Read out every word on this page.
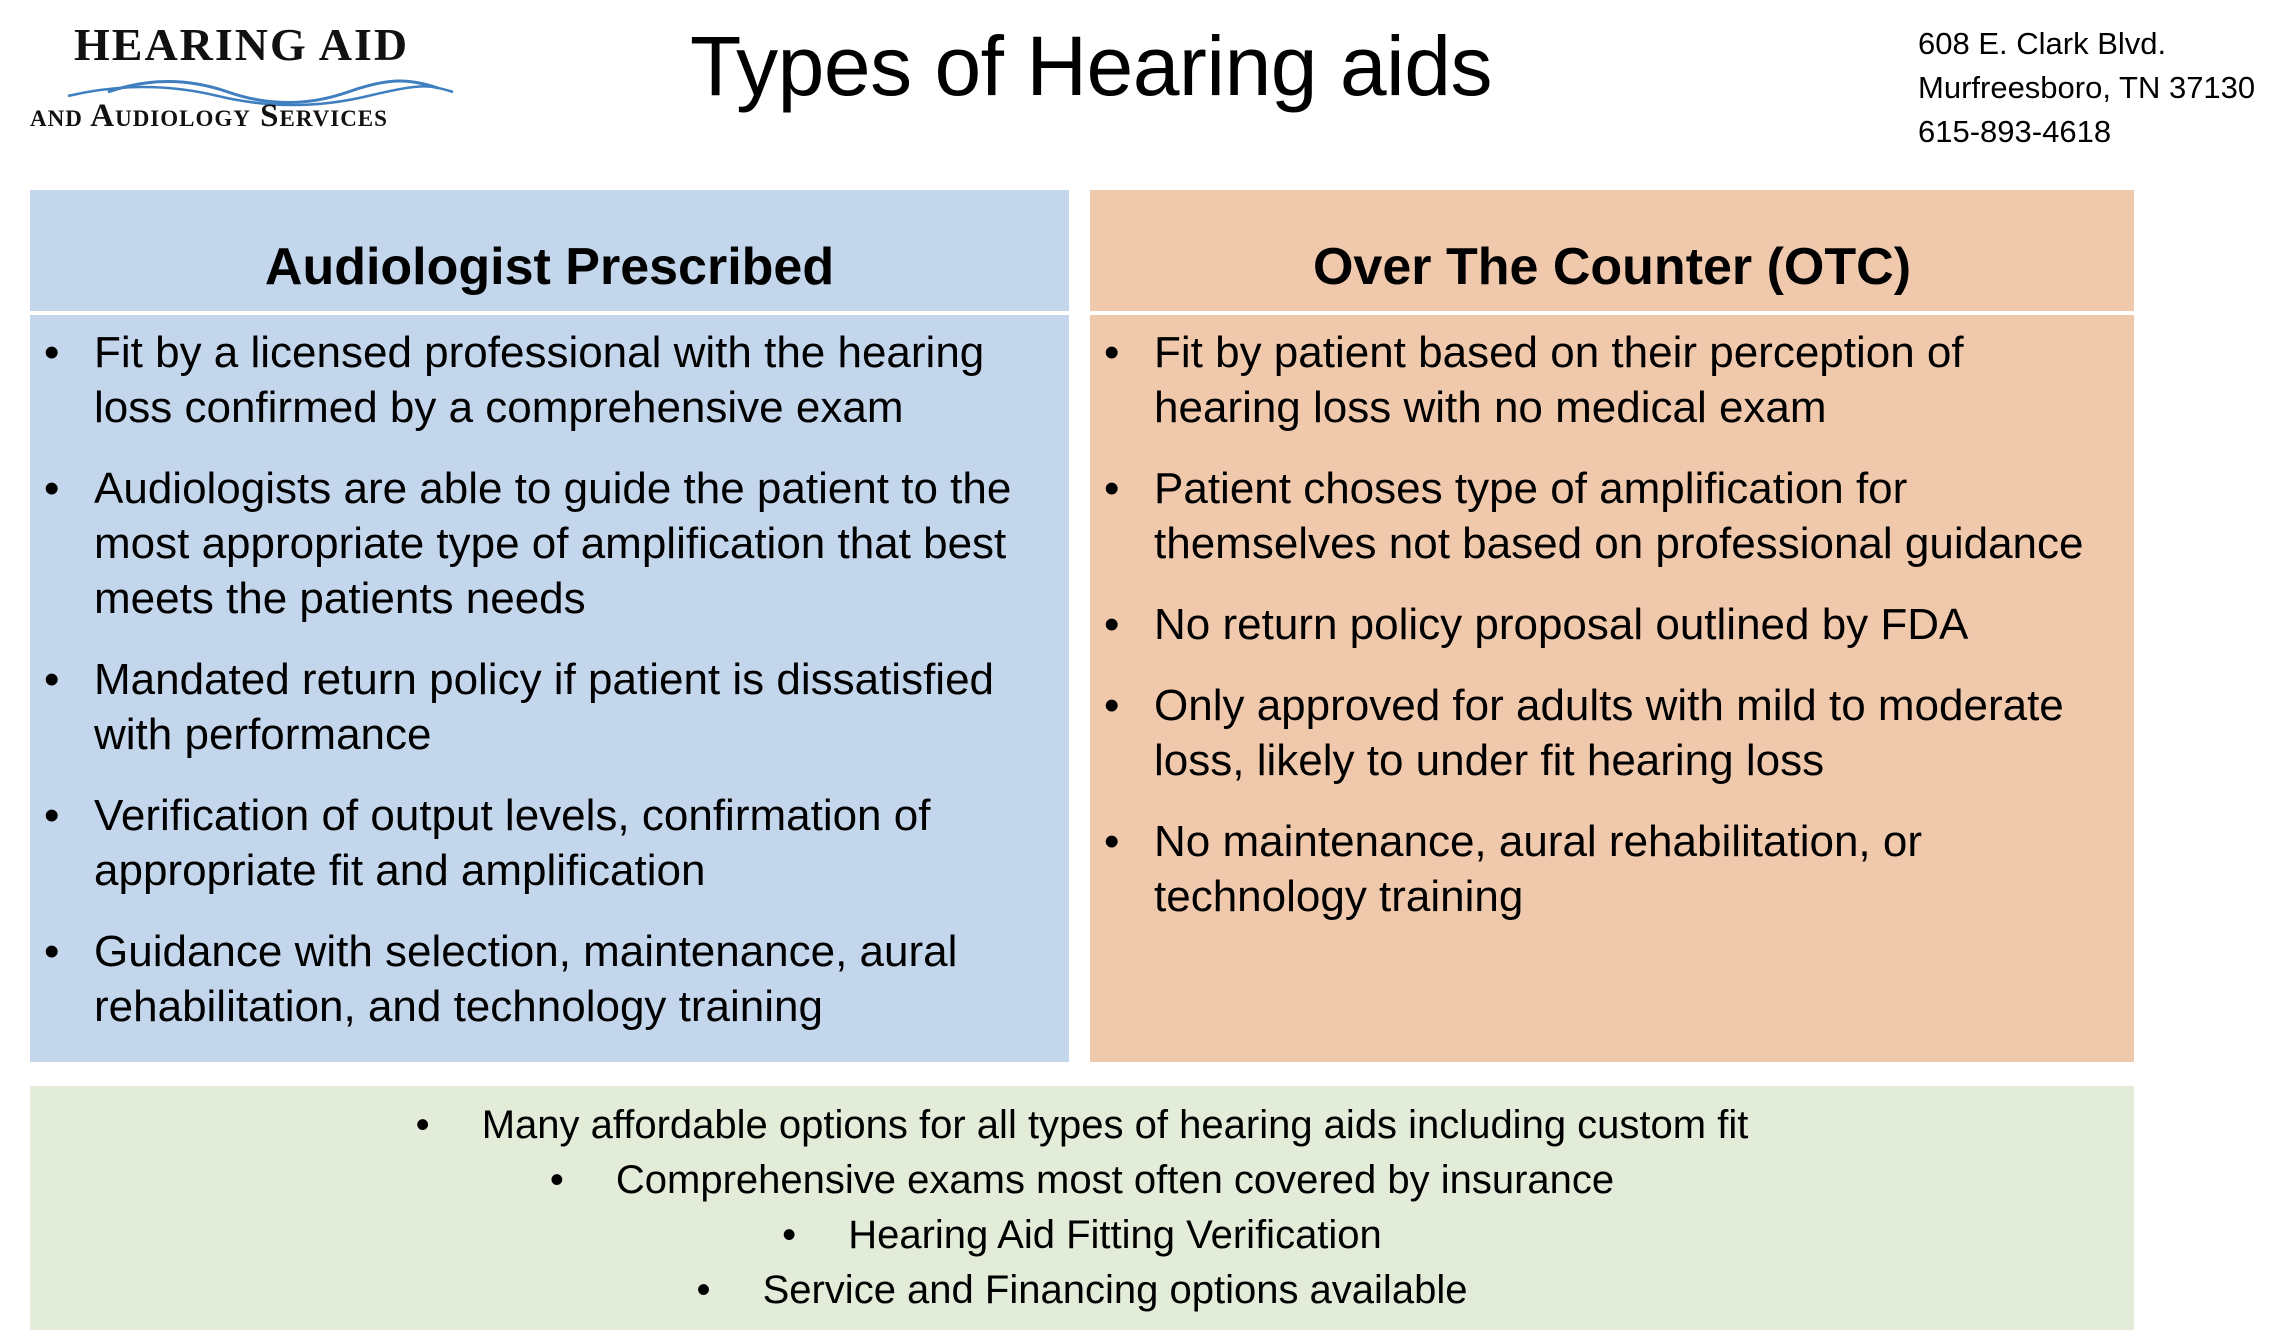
HEARING AID
and Audiology Services
Types of Hearing aids	608 E. Clark Blvd.
Murfreesboro, TN 37130
615-893-4618
Audiologist Prescribed
• Fit by a licensed professional with the hearing loss confirmed by a comprehensive exam
• Audiologists are able to guide the patient to the most appropriate type of amplification that best meets the patients needs
• Mandated return policy if patient is dissatisfied with performance
• Verification of output levels, confirmation of appropriate fit and amplification
• Guidance with selection, maintenance, aural rehabilitation, and technology training
Over The Counter (OTC)
• Fit by patient based on their perception of hearing loss with no medical exam
• Patient choses type of amplification for themselves not based on professional guidance
• No return policy proposal outlined by FDA
• Only approved for adults with mild to moderate loss, likely to under fit hearing loss
• No maintenance, aural rehabilitation, or technology training
• Many affordable options for all types of hearing aids including custom fit
• Comprehensive exams most often covered by insurance
• Hearing Aid Fitting Verification
• Service and Financing options available
